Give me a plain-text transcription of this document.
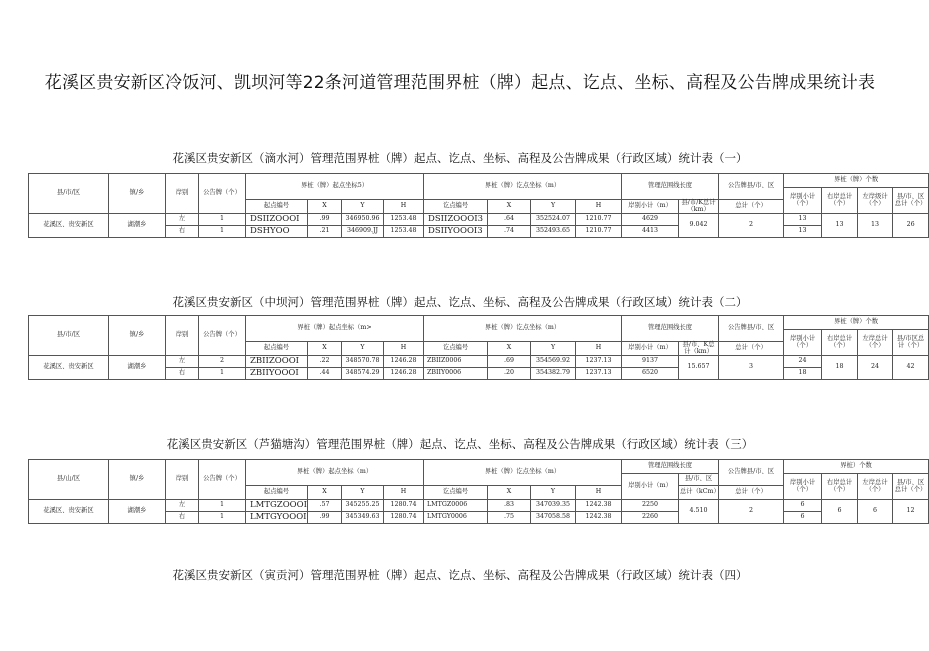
花溪区贵安新区冷饭河、凯坝河等22条河道管理范围界桩（牌）起点、讫点、坐标、高程及公告牌成果统计表
花溪区贵安新区（滴水河）管理范围界桩（牌）起点、讫点、坐标、高程及公告牌成果（行政区域）统计表（一）
县/市/区	镇/乡	岸别	公告牌（个）	界桩（牌）起点坐标5）				界桩（牌）讫点坐标（m）				管理范围线长度		公告牌县/市、区	界桩（牌）个数			
															岸别小计（个）	右岸总计（个）	左岸级计（个）	县/市、区总计（个）
				起点编号	X	Y	H	讫点编号	X	Y	H	岸别小计（m）	县/市/K总计（km）	总计（个）				
花溪区、贵安新区	湖潮乡	左	1	DSIIZOOOI	.99	346950.96	1253.48	DSIIZOOOI3	.64	352524.07	1210.77	4629	9.042	2	13	13	13	26
		右	1	DSHYOO	.21	346909.JJ	1253.48	DSIIYOOOI3	.74	352493.65	1210.77	4413			13			
花溪区贵安新区（中坝河）管理范围界桩（牌）起点、讫点、坐标、高程及公告牌成果（行政区域）统计表（二）
县/市/区	镇/乡	岸别	公告牌（个）	界桩（牌）起点坐标（m>				界桩（牌）讫点坐标（m）				管理范围线长度		公告牌县/市、区	界桩（牌）个数			
															岸别小计（个）	右岸总计（个）	左岸总计（个）	县/市区总计（个）
				起点编号	X	Y	H	讫点编号	X	Y	H	岸别小计（m）	县/市、K总计（km）	总计（个）				
花溪区、贵安新区	湖潮乡	左	2	ZBIIZOOOI	.22	348570.78	1246.28	ZBIIZ0006	.69	354569.92	1237.13	9137	15.657	3	24	18	24	42
		右	1	ZBIIYOOOI	.44	348574.29	1246.28	ZBIIY0006	.20	354382.79	1237.13	6520			18			
花溪区贵安新区（芦猫塘沟）管理范围界桩（牌）起点、讫点、坐标、高程及公告牌成果（行政区域）统计表（三）
县/山/区	镇/乡	岸别	公告牌（个）	界桩（牌）起点坐标（m）				界桩（牌）讫点坐标（m）				管理范围线长度		公告牌县/市、区	界桩）个数			
												岸别小计（m）	县/市、区		岸别小计（个）	右岸总计（个）	左岸总计（个）	县/市、区总计（个）
				起点编号	X	Y	H	讫点编号	X	Y	H		总计（kCm）	总计（个）				
花溪区、贵安新区	湖潮乡	左	1	LMTGZOOOI	.57	345255.25	1280.74	LMTGZ0006	.83	347039.35	1242.38	2250	4.510	2	6	6	6	12
		右	1	LMTGYOOOI	.99	345349.63	1280.74	LMTGY0006	.75	347058.58	1242.38	2260			6			
花溪区贵安新区（寅贡河）管理范围界桩（牌）起点、讫点、坐标、高程及公告牌成果（行政区域）统计表（四）
